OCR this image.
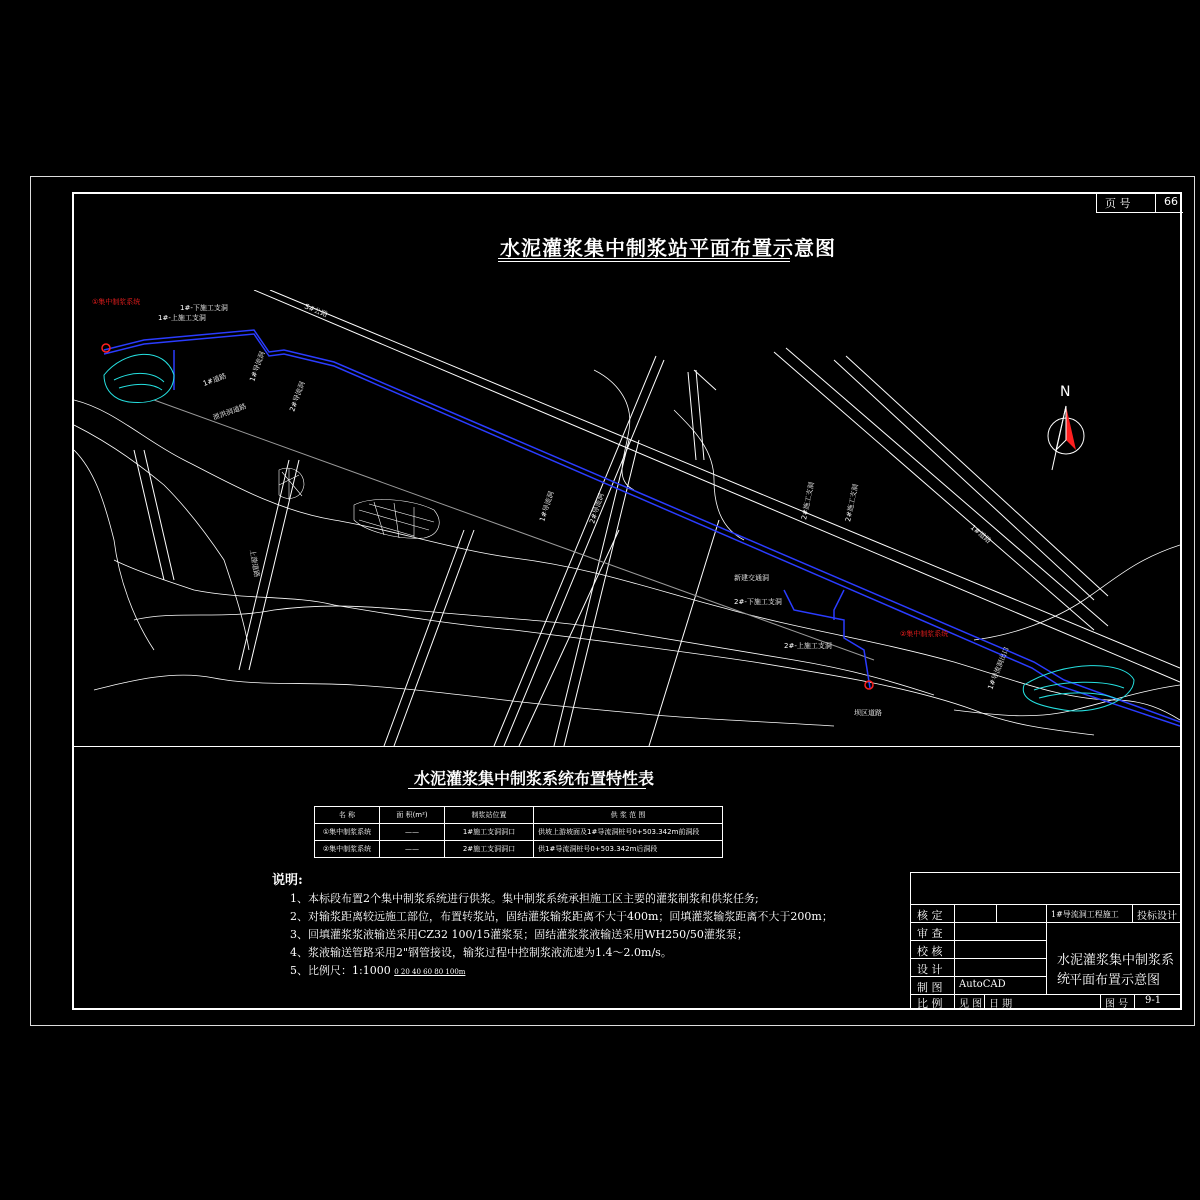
页 号	66
水泥灌浆集中制浆站平面布置示意图
N
①集中制浆系统
1#-上施工支洞
1#-下施工支洞	S#公路
1#道路
泄洪洞道路
1#导流洞
2#导流洞
上游道路
1#导流洞	2#导流洞	2#施工支洞	2#施工支洞
1#道路
新建交通洞
2#-下施工支洞
2#-上施工支洞
②集中制浆系统
1#导流洞出口
坝区道路
水泥灌浆集中制浆系统布置特性表
名 称	面 积(m²)	制浆站位置	供 浆 范 围
①集中制浆系统	——	1#施工支洞洞口	供坡上游坡面及1#导流洞桩号0+503.342m前洞段
②集中制浆系统	——	2#施工支洞洞口	供1#导流洞桩号0+503.342m后洞段
说明:
1、本标段布置2个集中制浆系统进行供浆。集中制浆系统承担施工区主要的灌浆制浆和供浆任务;
2、对输浆距离较远施工部位，布置转浆站，固结灌浆输浆距离不大于400m；回填灌浆输浆距离不大于200m；
3、回填灌浆浆液输送采用CZ32 100/15灌浆泵；固结灌浆浆液输送采用WH250/50灌浆泵；
4、浆液输送管路采用2"钢管接设，输浆过程中控制浆液流速为1.4～2.0m/s。
5、比例尺：1:1000 0 20 40 60 80 100m
核 定
审 查
校 核
设 计
制 图
比 例
1#导流洞工程施工 投标设计
AutoCAD
水泥灌浆集中制浆系统
平面布置示意图
见 图 日 期	图 号 9-1
